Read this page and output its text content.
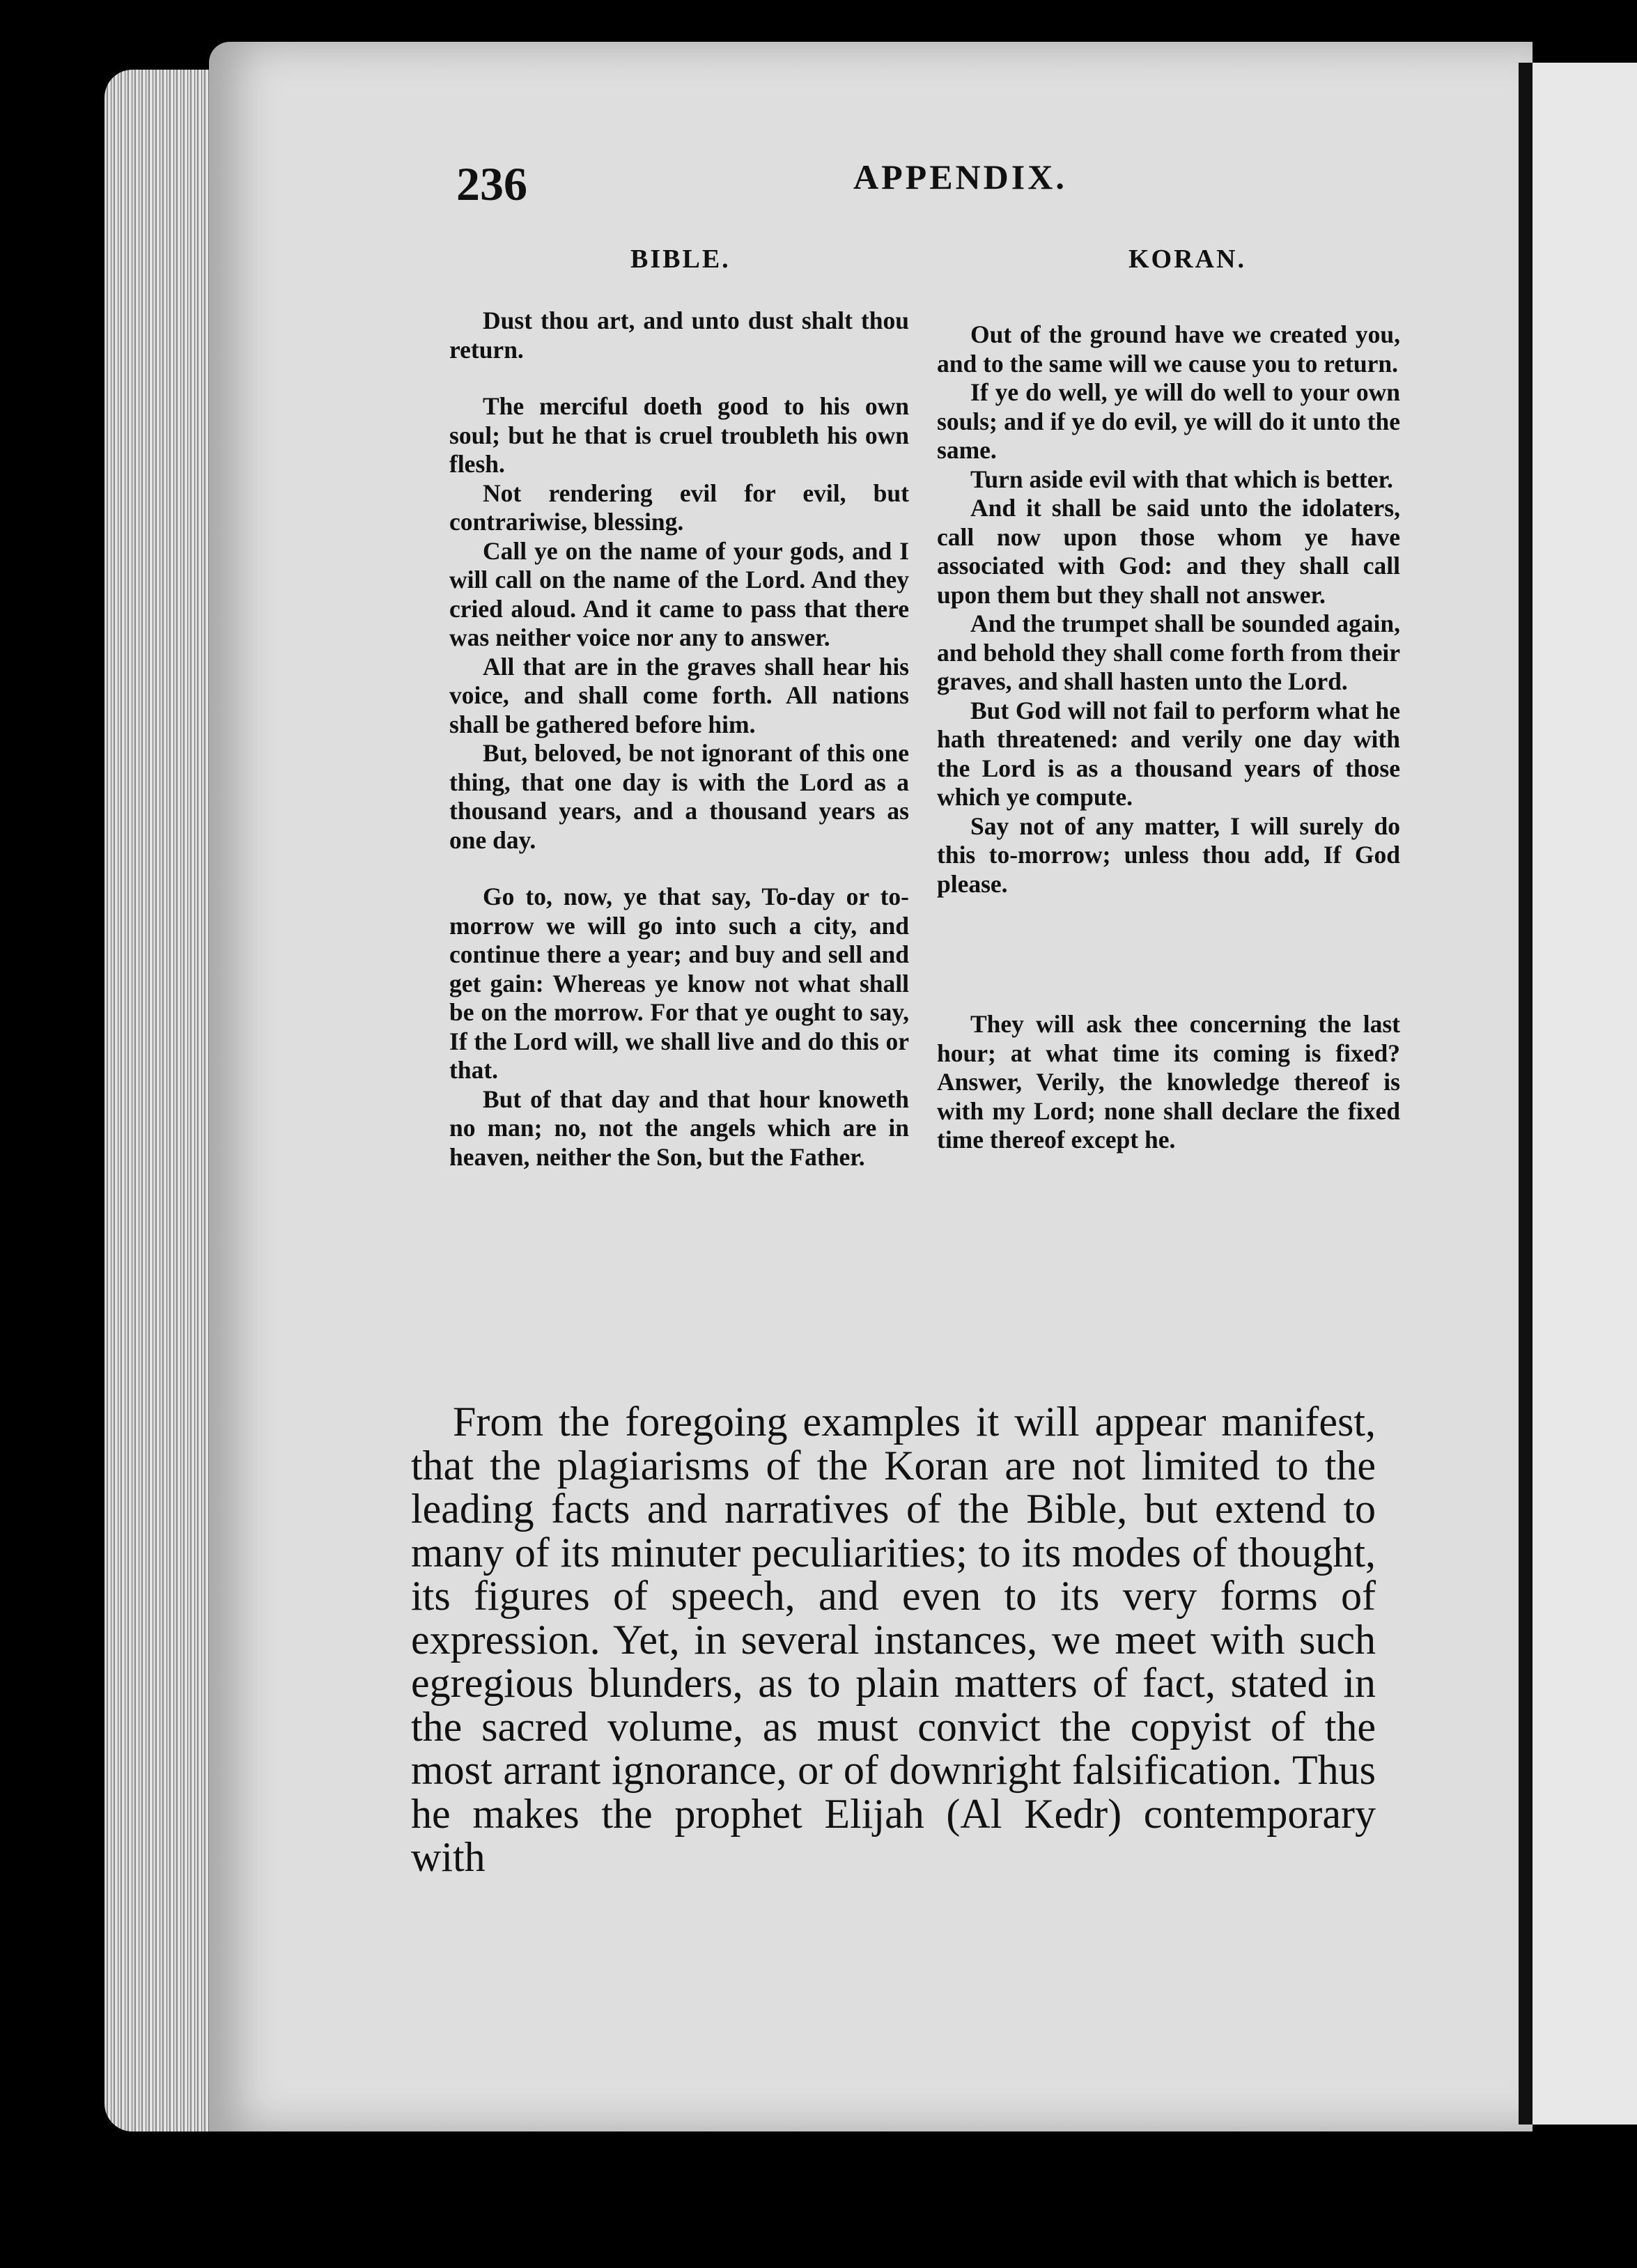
236	APPENDIX.
BIBLE.	KORAN.

Dust thou art, and unto dust shalt thou return.

The merciful doeth good to his own soul; but he that is cruel troubleth his own flesh.

Not rendering evil for evil, but contrariwise, blessing.

Call ye on the name of your gods, and I will call on the name of the Lord. And they cried aloud. And it came to pass that there was neither voice nor any to answer.

All that are in the graves shall hear his voice, and shall come forth. All nations shall be gathered before him.

But, beloved, be not ignorant of this one thing, that one day is with the Lord as a thousand years, and a thousand years as one day.

Go to, now, ye that say, To-day or to-morrow we will go into such a city, and continue there a year; and buy and sell and get gain: Whereas ye know not what shall be on the morrow. For that ye ought to say, If the Lord will, we shall live and do this or that.

But of that day and that hour knoweth no man; no, not the angels which are in heaven, neither the Son, but the Father.

Out of the ground have we created you, and to the same will we cause you to return.

If ye do well, ye will do well to your own souls; and if ye do evil, ye will do it unto the same.

Turn aside evil with that which is better.

And it shall be said unto the idolaters, call now upon those whom ye have associated with God: and they shall call upon them but they shall not answer.

And the trumpet shall be sounded again, and behold they shall come forth from their graves, and shall hasten unto the Lord.

But God will not fail to perform what he hath threatened: and verily one day with the Lord is as a thousand years of those which ye compute.

Say not of any matter, I will surely do this to-morrow; unless thou add, If God please.

They will ask thee concerning the last hour; at what time its coming is fixed? Answer, Verily, the knowledge thereof is with my Lord; none shall declare the fixed time thereof except he.

From the foregoing examples it will appear manifest, that the plagiarisms of the Koran are not limited to the leading facts and narratives of the Bible, but extend to many of its minuter peculiarities; to its modes of thought, its figures of speech, and even to its very forms of expression. Yet, in several instances, we meet with such egregious blunders, as to plain matters of fact, stated in the sacred volume, as must convict the copyist of the most arrant ignorance, or of downright falsification. Thus he makes the prophet Elijah (Al Kedr) contemporary with
